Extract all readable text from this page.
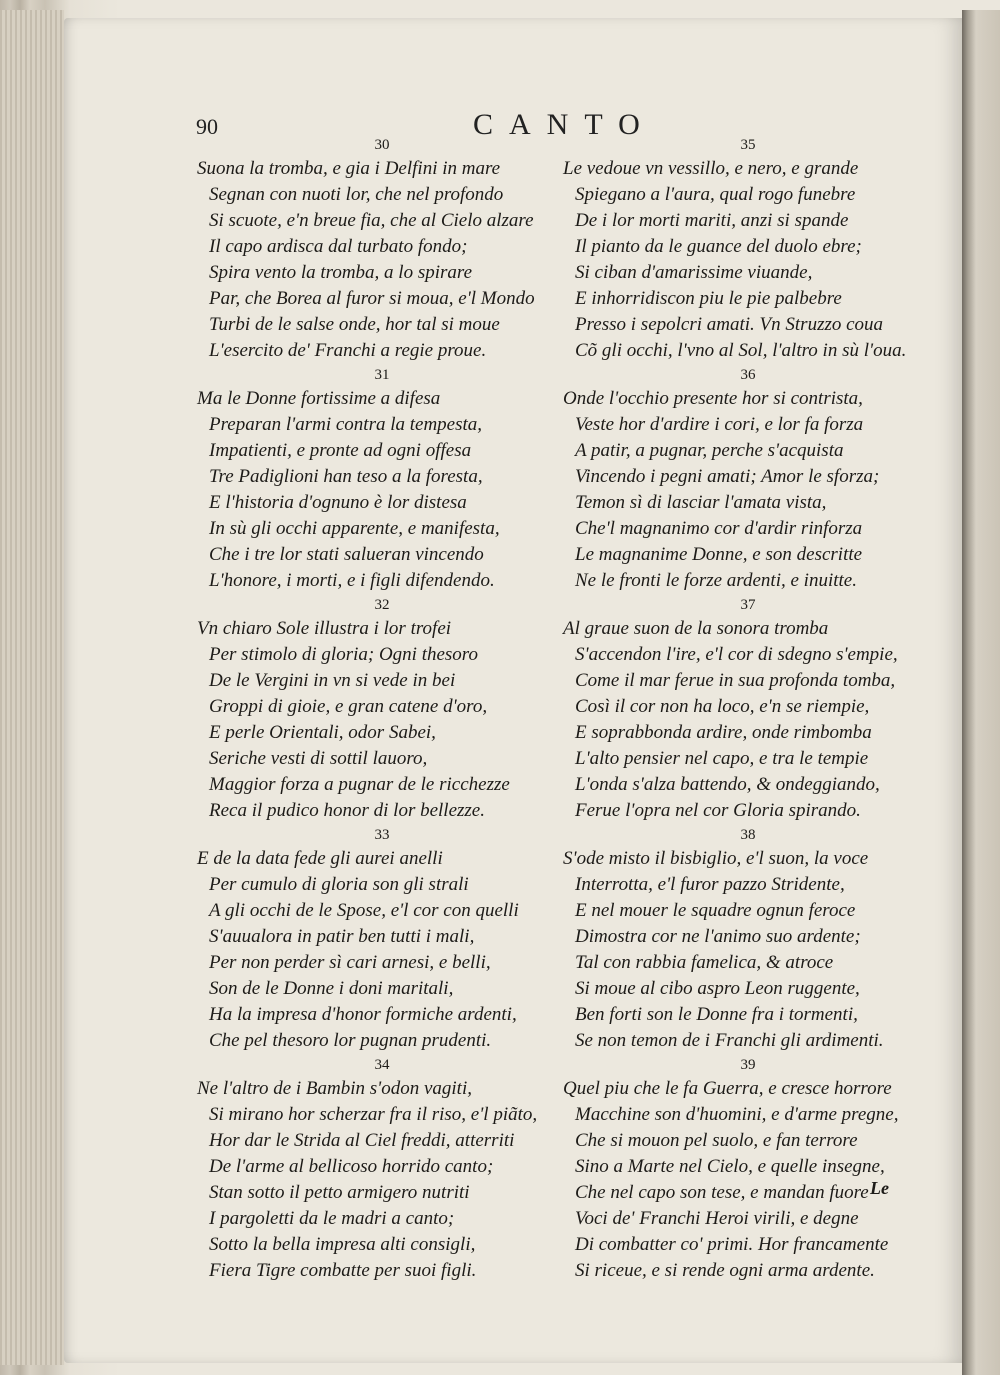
90	CANTO
30
Suona la tromba, e gia i Delfini in mare
Segnan con nuoti lor, che nel profondo
Si scuote, e'n breue fia, che al Cielo alzare
Il capo ardisca dal turbato fondo;
Spira vento la tromba, a lo spirare
Par, che Borea al furor si moua, e'l Mondo
Turbi de le salse onde, hor tal si moue
L'esercito de' Franchi a regie proue.
31
Ma le Donne fortissime a difesa
Preparan l'armi contra la tempesta,
Impatienti, e pronte ad ogni offesa
Tre Padiglioni han teso a la foresta,
E l'historia d'ognuno è lor distesa
In sù gli occhi apparente, e manifesta,
Che i tre lor stati salueran vincendo
L'honore, i morti, e i figli difendendo.
32
Vn chiaro Sole illustra i lor trofei
Per stimolo di gloria; Ogni thesoro
De le Vergini in vn si vede in bei
Groppi di gioie, e gran catene d'oro,
E perle Orientali, odor Sabei,
Seriche vesti di sottil lauoro,
Maggior forza a pugnar de le ricchezze
Reca il pudico honor di lor bellezze.
33
E de la data fede gli aurei anelli
Per cumulo di gloria son gli strali
A gli occhi de le Spose, e'l cor con quelli
S'auualora in patir ben tutti i mali,
Per non perder sì cari arnesi, e belli,
Son de le Donne i doni maritali,
Ha la impresa d'honor formiche ardenti,
Che pel thesoro lor pugnan prudenti.
34
Ne l'altro de i Bambin s'odon vagiti,
Si mirano hor scherzar fra il riso, e'l piãto,
Hor dar le Strida al Ciel freddi, atterriti
De l'arme al bellicoso horrido canto;
Stan sotto il petto armigero nutriti
I pargoletti da le madri a canto;
Sotto la bella impresa alti consigli,
Fiera Tigre combatte per suoi figli.
35
Le vedoue vn vessillo, e nero, e grande
Spiegano a l'aura, qual rogo funebre
De i lor morti mariti, anzi si spande
Il pianto da le guance del duolo ebre;
Si ciban d'amarissime viuande,
E inhorridiscon piu le pie palbebre
Presso i sepolcri amati. Vn Struzzo coua
Cõ gli occhi, l'vno al Sol, l'altro in sù l'oua.
36
Onde l'occhio presente hor si contrista,
Veste hor d'ardire i cori, e lor fa forza
A patir, a pugnar, perche s'acquista
Vincendo i pegni amati; Amor le sforza;
Temon sì di lasciar l'amata vista,
Che'l magnanimo cor d'ardir rinforza
Le magnanime Donne, e son descritte
Ne le fronti le forze ardenti, e inuitte.
37
Al graue suon de la sonora tromba
S'accendon l'ire, e'l cor di sdegno s'empie,
Come il mar ferue in sua profonda tomba,
Così il cor non ha loco, e'n se riempie,
E soprabbonda ardire, onde rimbomba
L'alto pensier nel capo, e tra le tempie
L'onda s'alza battendo, & ondeggiando,
Ferue l'opra nel cor Gloria spirando.
38
S'ode misto il bisbiglio, e'l suon, la voce
Interrotta, e'l furor pazzo Stridente,
E nel mouer le squadre ognun feroce
Dimostra cor ne l'animo suo ardente;
Tal con rabbia famelica, & atroce
Si moue al cibo aspro Leon ruggente,
Ben forti son le Donne fra i tormenti,
Se non temon de i Franchi gli ardimenti.
39
Quel piu che le fa Guerra, e cresce horrore
Macchine son d'huomini, e d'arme pregne,
Che si mouon pel suolo, e fan terrore
Sino a Marte nel Cielo, e quelle insegne,
Che nel capo son tese, e mandan fuore
Voci de' Franchi Heroi virili, e degne
Di combatter co' primi. Hor francamente
Si riceue, e si rende ogni arma ardente.
Le
